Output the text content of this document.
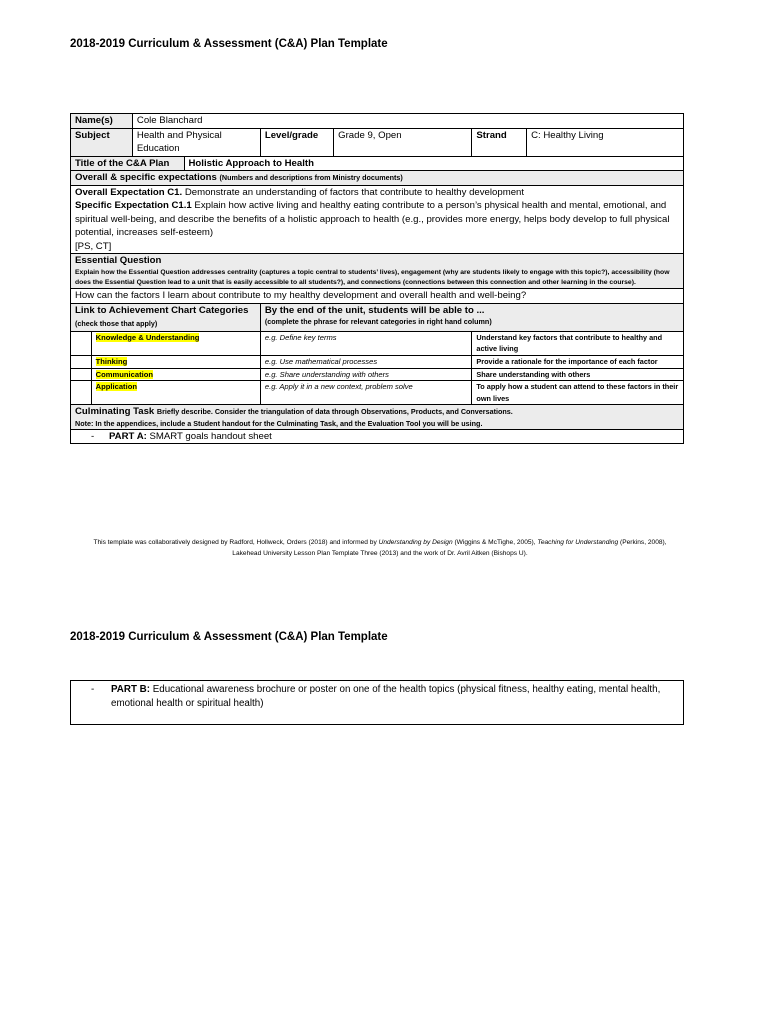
2018-2019 Curriculum & Assessment (C&A) Plan Template
Name(s)		Cole Blanchard					
Subject		Health and Physical Education		Level/grade	Grade 9, Open	Strand	C: Healthy Living
Title of the C&A Plan			Holistic Approach to Health				
Overall & specific expectations (Numbers and descriptions from Ministry documents)							

Overall Expectation C1. Demonstrate an understanding of factors that contribute to healthy development
Specific Expectation C1.1 Explain how active living and healthy eating contribute to a person’s physical health and mental, emotional, and spiritual well-being, and describe the benefits of a holistic approach to health (e.g., provides more energy, helps body develop to full physical potential, increases self-esteem)
[PS, CT]							

Essential Question
Explain how the Essential Question addresses centrality (captures a topic central to students’ lives), engagement (why are students likely to engage with this topic?), accessibility (how does the Essential Question lead to a unit that is easily accessible to all students?), and connections (connections between this connection and other learning in the course).							

How can the factors I learn about contribute to my healthy development and overall health and well-being?							
Link to Achievement Chart Categories (check those that apply)				By the end of the unit, students will be able to ...
(complete the phrase for relevant categories in right hand column)			

	Knowledge & Understanding			e.g. Define key terms		Understand key factors that contribute to healthy and active living	
	Thinking			e.g. Use mathematical processes		Provide a rationale for the importance of each factor	
	Communication			e.g. Share understanding with others		Share understanding with others	
	Application			e.g. Apply it in a new context, problem solve		To apply how a student can attend to these factors in their own lives	

Culminating Task Briefly describe. Consider the triangulation of data through Observations, Products, and Conversations.
Note: In the appendices, include a Student handout for the Culminating Task, and the Evaluation Tool you will be using.							

- PART A: SMART goals handout sheet							
This template was collaboratively designed by Radford, Hollweck, Orders (2018) and informed by Understanding by Design (Wiggins & McTighe, 2005), Teaching for Understanding (Perkins, 2008), Lakehead University Lesson Plan Template Three (2013) and the work of Dr. Avril Aitken (Bishops U).
2018-2019 Curriculum & Assessment (C&A) Plan Template
- PART B: Educational awareness brochure or poster on one of the health topics (physical fitness, healthy eating, mental health, emotional health or spiritual health)
